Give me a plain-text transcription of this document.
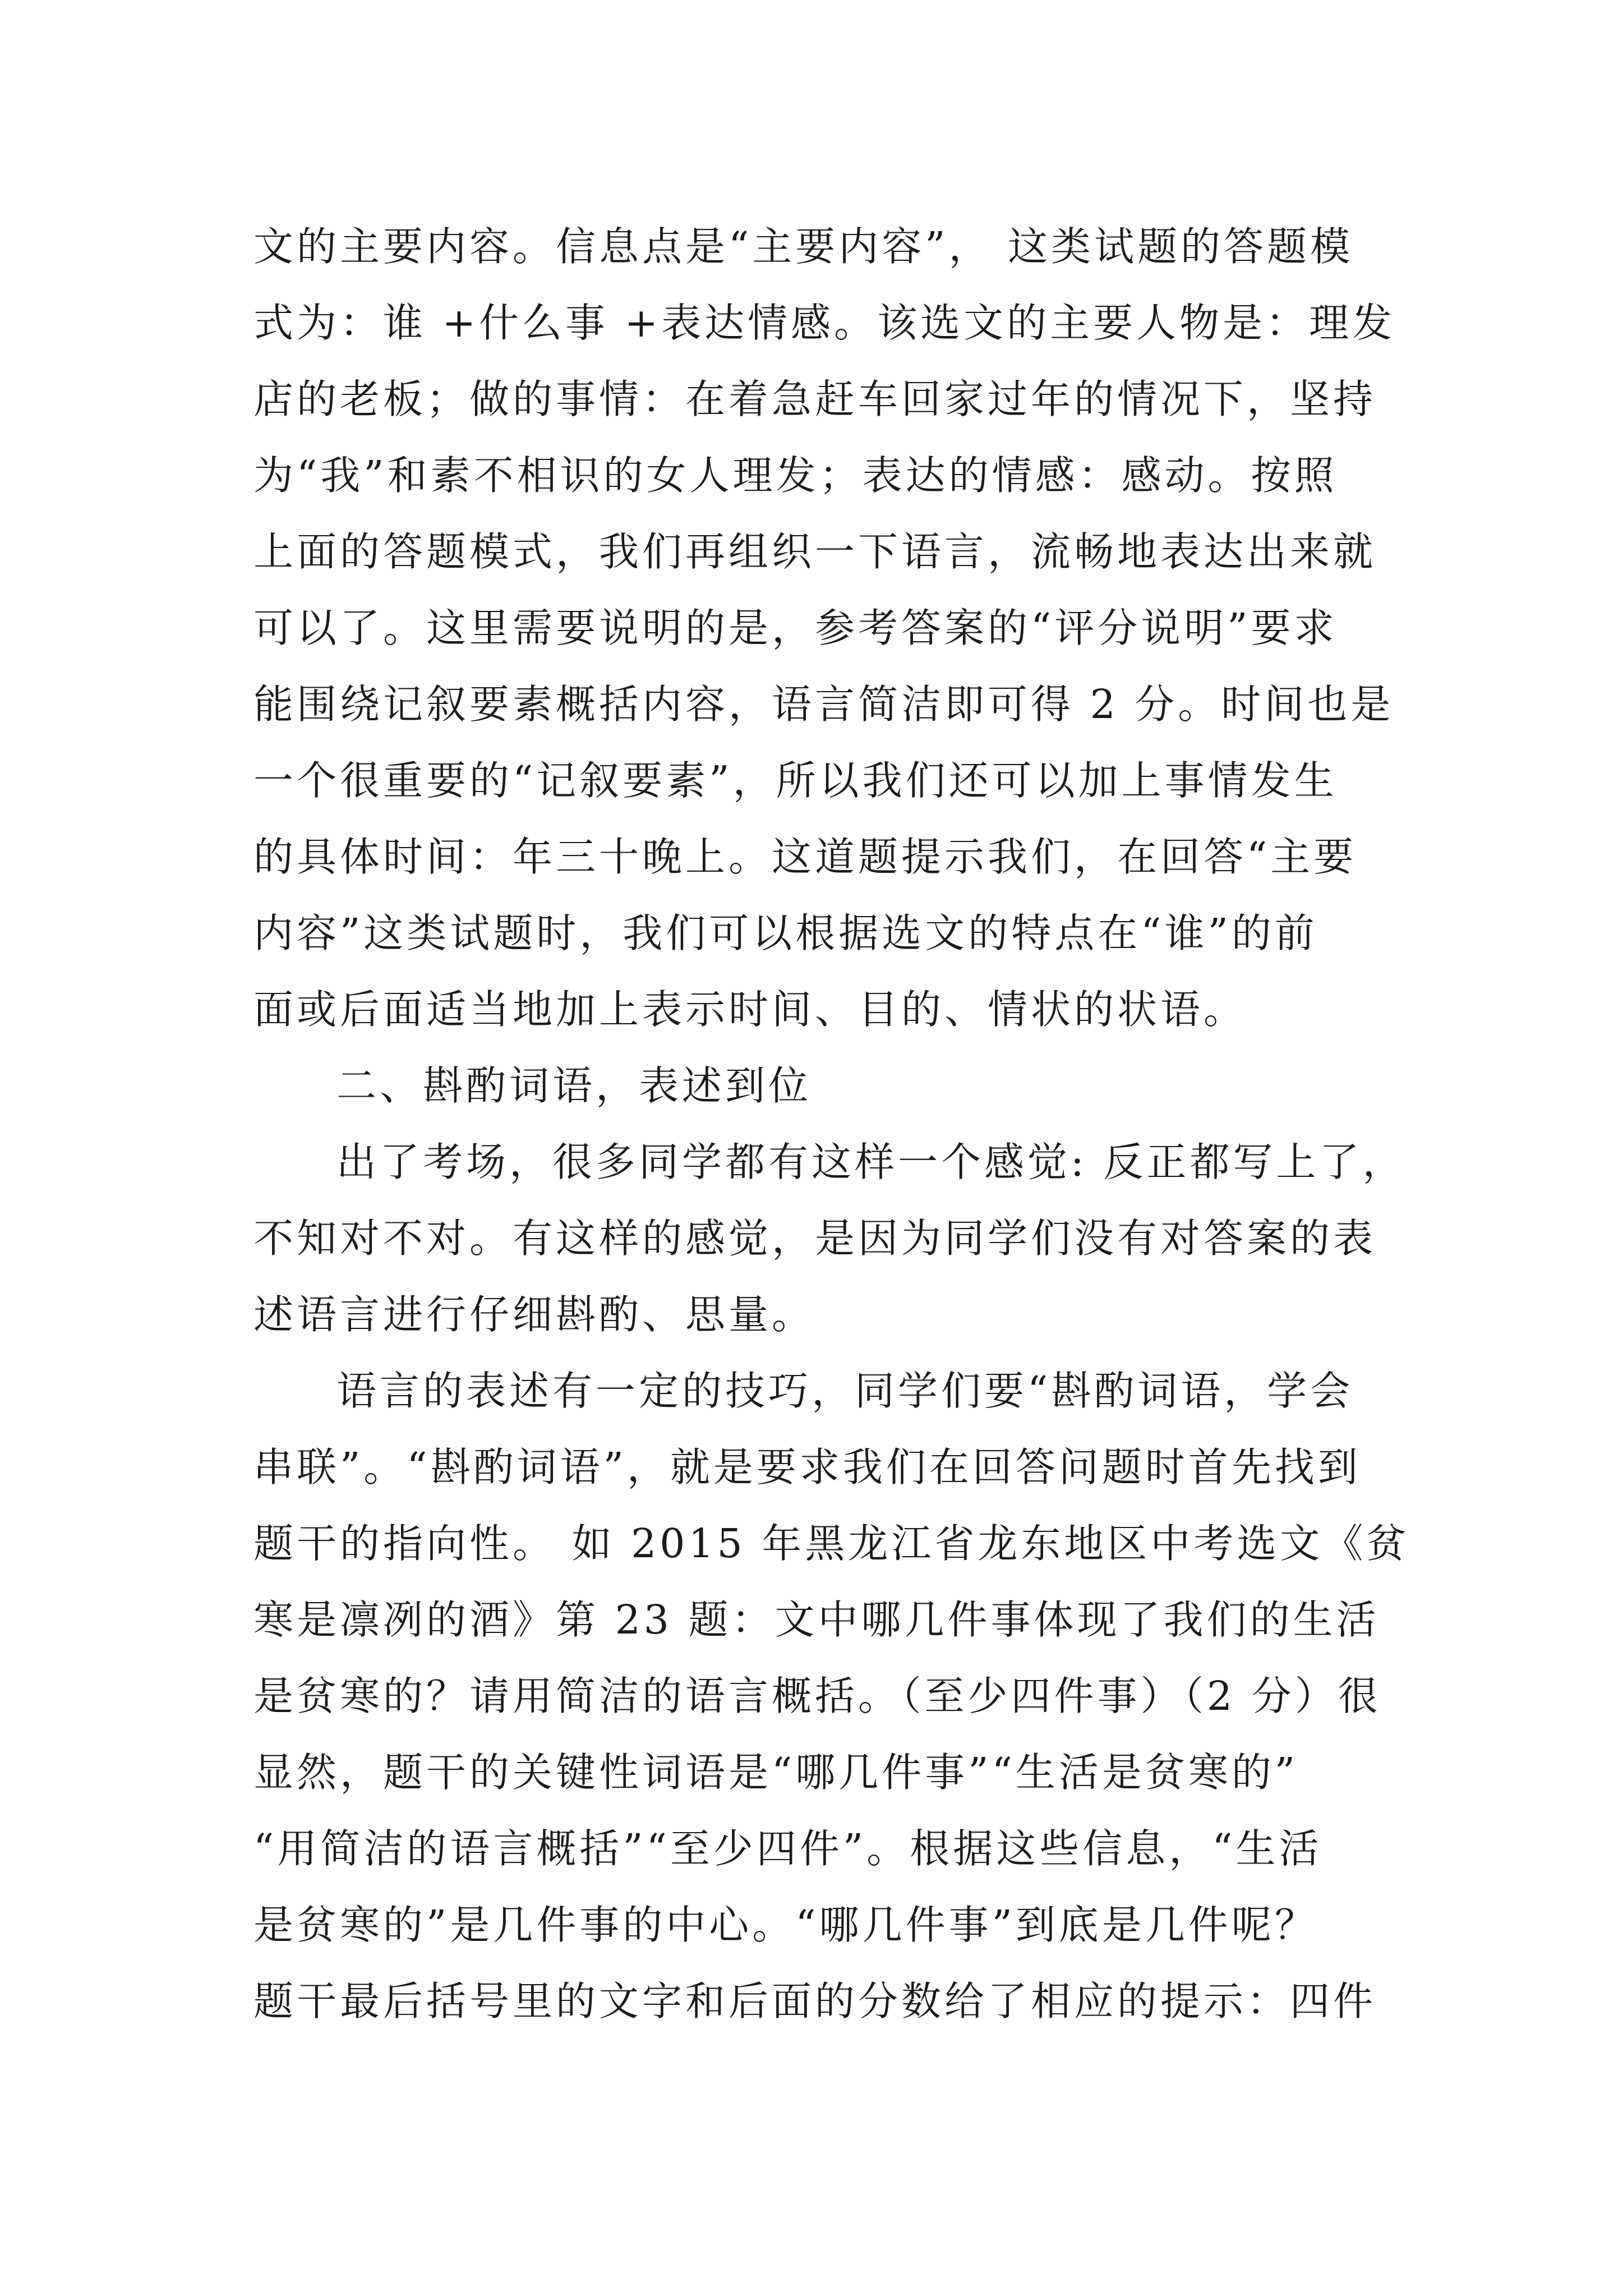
文的主要内容。信息点是“主要内容”， 这类试题的答题模
式为：谁 +什么事 +表达情感。该选文的主要人物是：理发
店的老板；做的事情：在着急赶车回家过年的情况下，坚持
为“我”和素不相识的女人理发；表达的情感：感动。按照
上面的答题模式，我们再组织一下语言，流畅地表达出来就
可以了。这里需要说明的是，参考答案的“评分说明”要求
能围绕记叙要素概括内容，语言简洁即可得 2 分。时间也是
一个很重要的“记叙要素”，所以我们还可以加上事情发生
的具体时间：年三十晚上。这道题提示我们，在回答“主要
内容”这类试题时，我们可以根据选文的特点在“谁”的前
面或后面适当地加上表示时间、目的、情状的状语。
二、斟酌词语，表述到位
出了考场，很多同学都有这样一个感觉: 反正都写上了，
不知对不对。有这样的感觉，是因为同学们没有对答案的表
述语言进行仔细斟酌、思量。
语言的表述有一定的技巧，同学们要“斟酌词语，学会
串联”。“斟酌词语”，就是要求我们在回答问题时首先找到
题干的指向性。 如 2015 年黑龙江省龙东地区中考选文《贫
寒是凛冽的酒》第 23 题：文中哪几件事体现了我们的生活
是贫寒的？请用简洁的语言概括。（至少四件事）（2 分）很
显然，题干的关键性词语是“哪几件事”“生活是贫寒的”
“用简洁的语言概括”“至少四件”。根据这些信息，“生活
是贫寒的”是几件事的中心。“哪几件事”到底是几件呢？
题干最后括号里的文字和后面的分数给了相应的提示：四件
